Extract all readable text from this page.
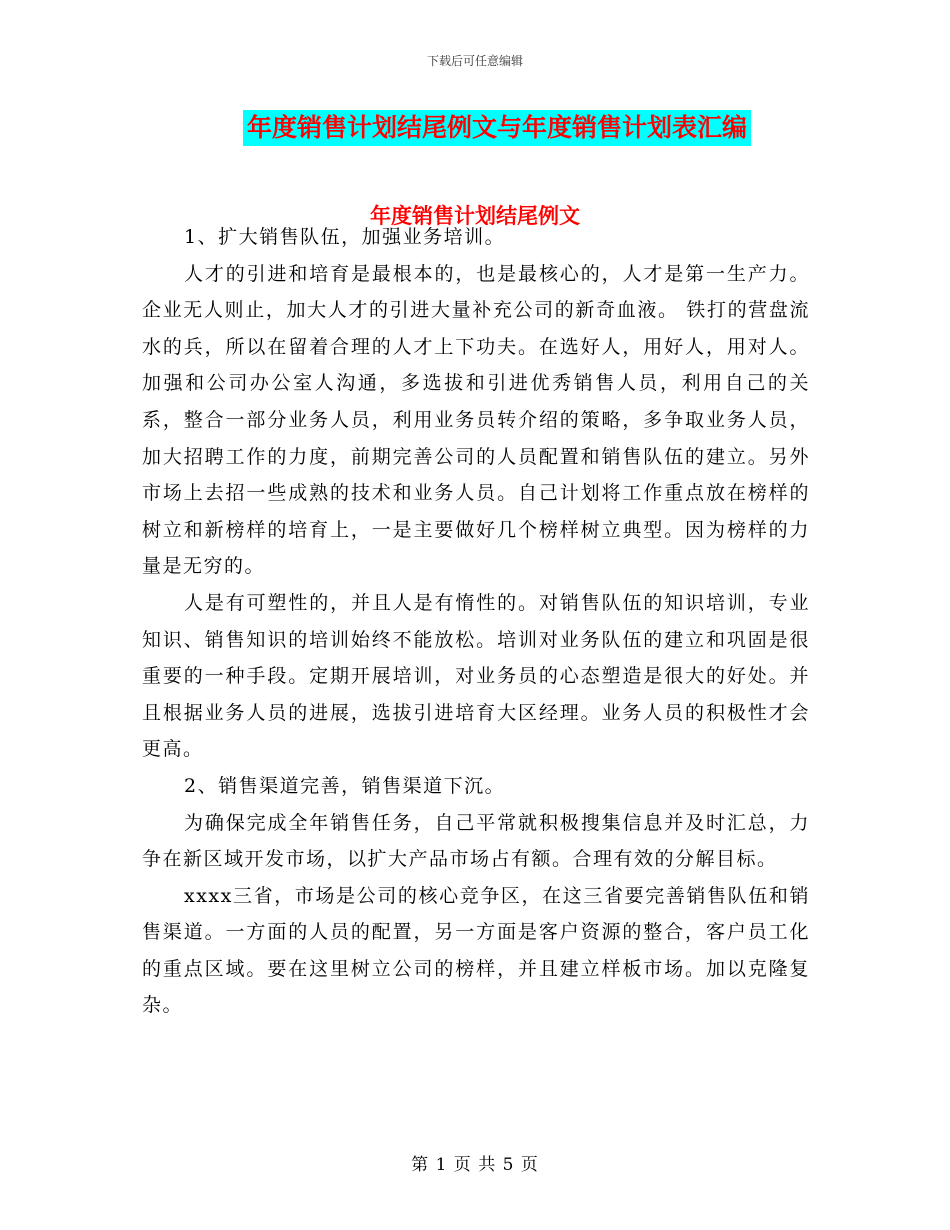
下载后可任意编辑
年度销售计划结尾例文与年度销售计划表汇编
年度销售计划结尾例文

1、扩大销售队伍，加强业务培训。

人才的引进和培育是最根本的，也是最核心的，人才是第一生产力。企业无人则止，加大人才的引进大量补充公司的新奇血液。 铁打的营盘流水的兵，所以在留着合理的人才上下功夫。在选好人，用好人，用对人。加强和公司办公室人沟通，多选拔和引进优秀销售人员，利用自己的关系，整合一部分业务人员，利用业务员转介绍的策略，多争取业务人员，加大招聘工作的力度，前期完善公司的人员配置和销售队伍的建立。另外市场上去招一些成熟的技术和业务人员。自己计划将工作重点放在榜样的树立和新榜样的培育上，一是主要做好几个榜样树立典型。因为榜样的力量是无穷的。

人是有可塑性的，并且人是有惰性的。对销售队伍的知识培训，专业知识、销售知识的培训始终不能放松。培训对业务队伍的建立和巩固是很重要的一种手段。定期开展培训，对业务员的心态塑造是很大的好处。并且根据业务人员的进展，选拔引进培育大区经理。业务人员的积极性才会更高。

2、销售渠道完善，销售渠道下沉。

为确保完成全年销售任务，自己平常就积极搜集信息并及时汇总，力争在新区域开发市场，以扩大产品市场占有额。合理有效的分解目标。

xxxx三省，市场是公司的核心竞争区，在这三省要完善销售队伍和销售渠道。一方面的人员的配置，另一方面是客户资源的整合，客户员工化的重点区域。要在这里树立公司的榜样，并且建立样板市场。加以克隆复杂。

第 1 页 共 5 页
